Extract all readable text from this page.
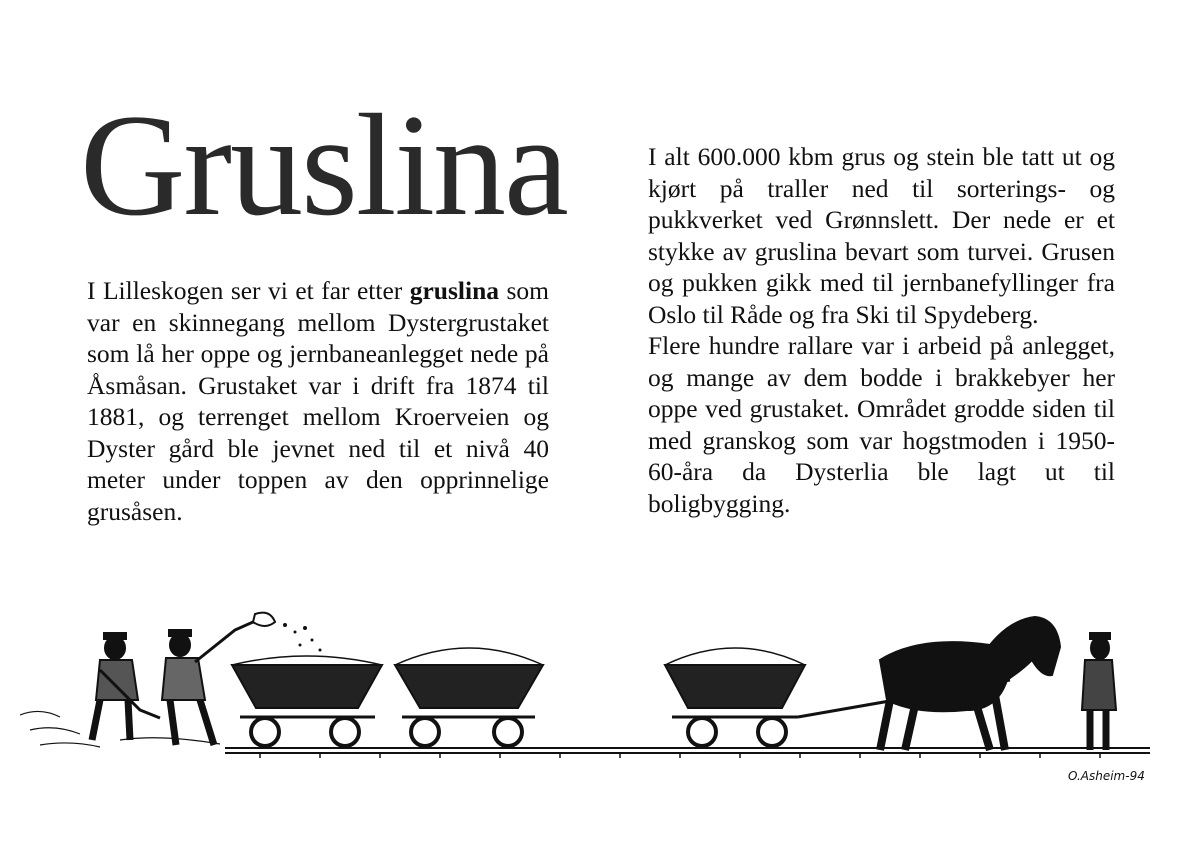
Gruslina

I Lilleskogen ser vi et far etter gruslina som var en skinnegang mellom Dystergrustaket som lå her oppe og jernbaneanlegget nede på Åsmåsan. Grustaket var i drift fra 1874 til 1881, og terrenget mellom Kroerveien og Dyster gård ble jevnet ned til et nivå 40 meter under toppen av den opprinnelige grusåsen.

I alt 600.000 kbm grus og stein ble tatt ut og kjørt på traller ned til sorterings- og pukkverket ved Grønnslett. Der nede er et stykke av gruslina bevart som turvei. Grusen og pukken gikk med til jernbanefyllinger fra Oslo til Råde og fra Ski til Spydeberg.

Flere hundre rallare var i arbeid på anlegget, og mange av dem bodde i brakkebyer her oppe ved grustaket. Området grodde siden til med granskog som var hogstmoden i 1950-60-åra da Dysterlia ble lagt ut til boligbygging.

O.Asheim-94
